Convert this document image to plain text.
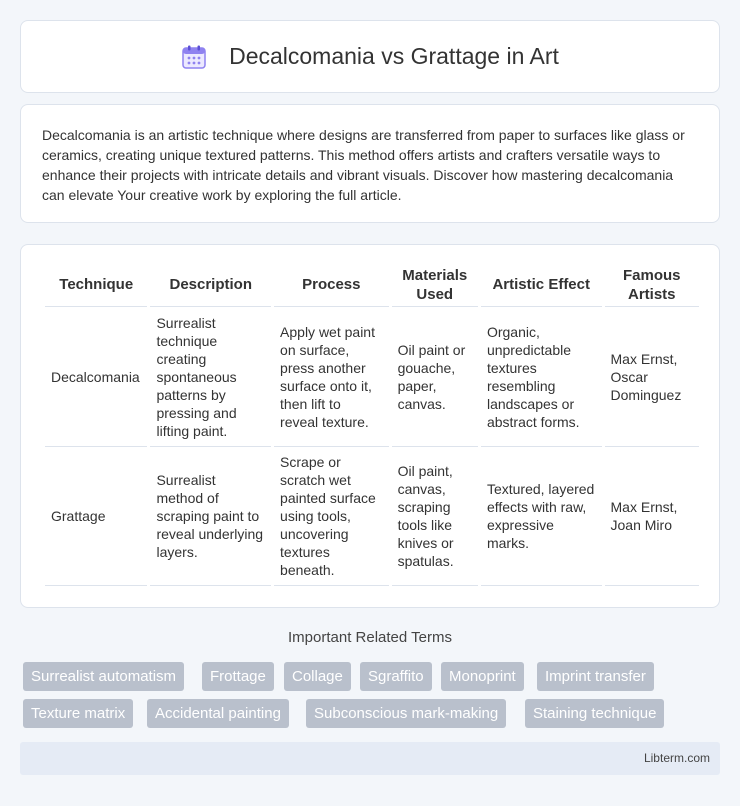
Decalcomania vs Grattage in Art

Decalcomania is an artistic technique where designs are transferred from paper to surfaces like glass or ceramics, creating unique textured patterns. This method offers artists and crafters versatile ways to enhance their projects with intricate details and vibrant visuals. Discover how mastering decalcomania can elevate Your creative work by exploring the full article.

Technique	Description	Process	Materials Used	Artistic Effect	Famous Artists
Decalcomania	Surrealist technique creating spontaneous patterns by pressing and lifting paint.	Apply wet paint on surface, press another surface onto it, then lift to reveal texture.	Oil paint or gouache, paper, canvas.	Organic, unpredictable textures resembling landscapes or abstract forms.	Max Ernst, Oscar Dominguez
Grattage	Surrealist method of scraping paint to reveal underlying layers.	Scrape or scratch wet painted surface using tools, uncovering textures beneath.	Oil paint, canvas, scraping tools like knives or spatulas.	Textured, layered effects with raw, expressive marks.	Max Ernst, Joan Miro
Important Related Terms
Surrealist automatism	Frottage	Collage	Sgraffito	Monoprint	Imprint transfer
Texture matrix	Accidental painting	Subconscious mark-making	Staining technique
Libterm.com
